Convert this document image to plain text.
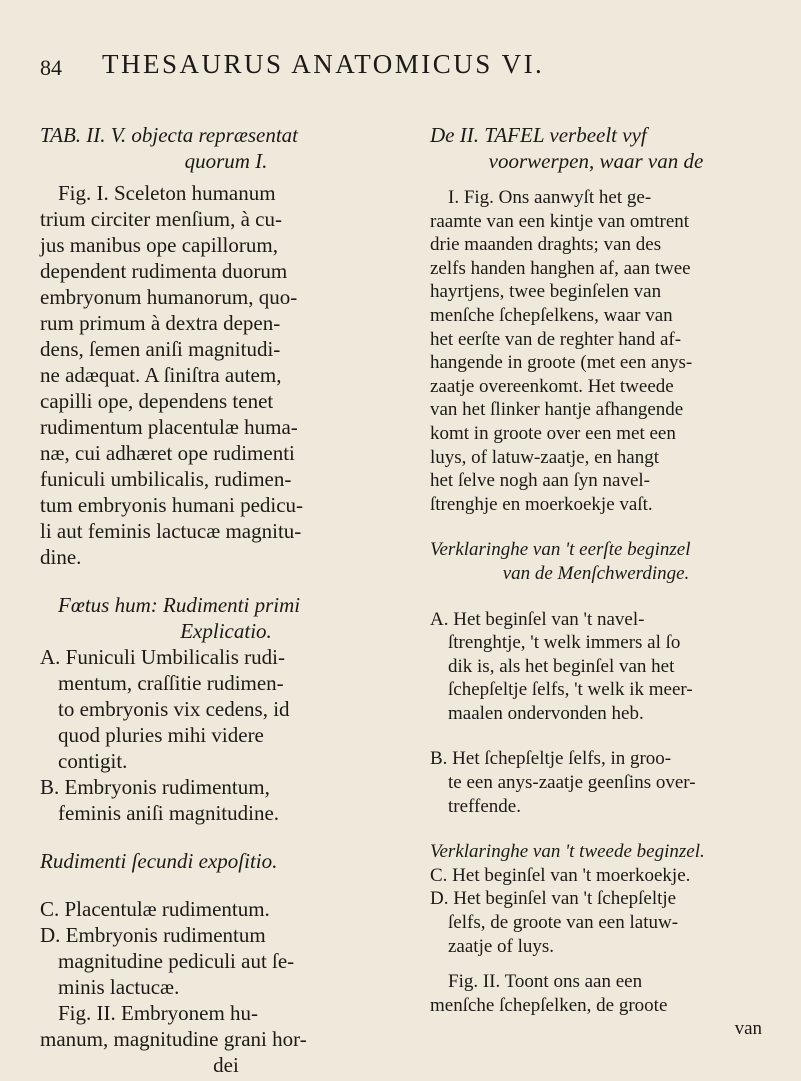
84 THESAURUS ANATOMICUS VI.

TAB. II. V. objecta repræsentat

quorum I.

Fig. I. Sceleton humanum

trium circiter menſium, à cu-

jus manibus ope capillorum,

dependent rudimenta duorum

embryonum humanorum, quo-

rum primum à dextra depen-

dens, ſemen aniſi magnitudi-

ne adæquat. A ſiniſtra autem,

capilli ope, dependens tenet

rudimentum placentulæ huma-

næ, cui adhæret ope rudimenti

funiculi umbilicalis, rudimen-

tum embryonis humani pedicu-

li aut feminis lactucæ magnitu-

dine.

Fœtus hum: Rudimenti primi

Explicatio.

A. Funiculi Umbilicalis rudi-

mentum, craſſitie rudimen-

to embryonis vix cedens, id

quod pluries mihi videre

contigit.

B. Embryonis rudimentum,

feminis aniſi magnitudine.

Rudimenti ſecundi expoſitio.

C. Placentulæ rudimentum.

D. Embryonis rudimentum

magnitudine pediculi aut ſe-

minis lactucæ.

Fig. II. Embryonem hu-

manum, magnitudine grani hor-

dei

De II. TAFEL verbeelt vyf

voorwerpen, waar van de

I. Fig. Ons aanwyſt het ge-

raamte van een kintje van omtrent

drie maanden draghts; van des

zelfs handen hanghen af, aan twee

hayrtjens, twee beginſelen van

menſche ſchepſelkens, waar van

het eerſte van de reghter hand af-

hangende in groote (met een anys-

zaatje overeenkomt. Het tweede

van het ſlinker hantje afhangende

komt in groote over een met een

luys, of latuw-zaatje, en hangt

het ſelve nogh aan ſyn navel-

ſtrenghje en moerkoekje vaſt.

Verklaringhe van 't eerſte beginzel

van de Menſchwerdinge.

A. Het beginſel van 't navel-

ſtrenghtje, 't welk immers al ſo

dik is, als het beginſel van het

ſchepſeltje ſelfs, 't welk ik meer-

maalen ondervonden heb.

B. Het ſchepſeltje ſelfs, in groo-

te een anys-zaatje geenſins over-

treffende.

Verklaringhe van 't tweede beginzel.

C. Het beginſel van 't moerkoekje.

D. Het beginſel van 't ſchepſeltje

ſelfs, de groote van een latuw-

zaatje of luys.

Fig. II. Toont ons aan een

menſche ſchepſelken, de groote

van
